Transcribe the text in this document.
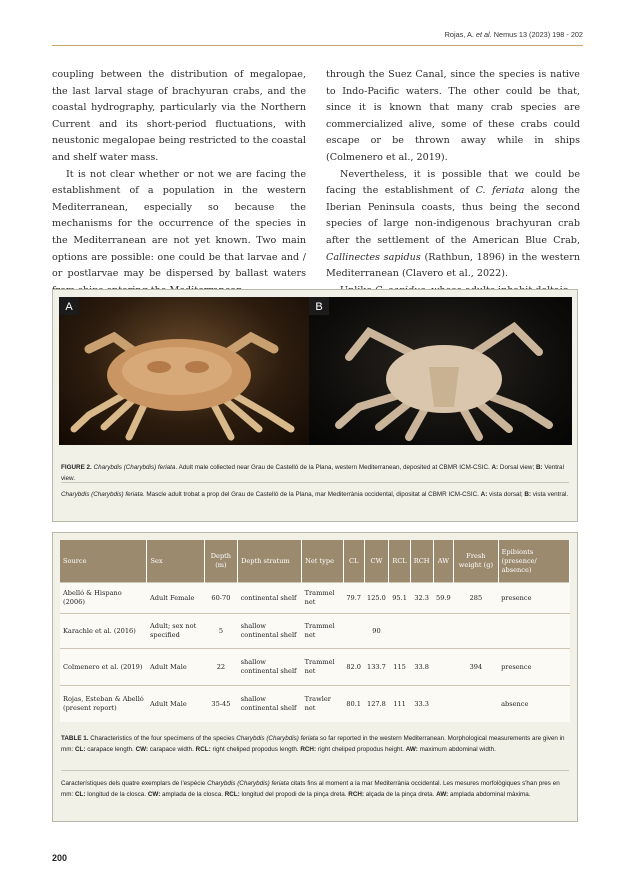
Rojas, A. et al. Nemus 13 (2023) 198 - 202

coupling between the distribution of megalopae, the last larval stage of brachyuran crabs, and the coastal hydrography, particularly via the Northern Current and its short-period fluctuations, with neustonic megalopae being restricted to the coastal and shelf water mass.

It is not clear whether or not we are facing the establishment of a population in the western Mediterranean, especially so because the mechanisms for the occurrence of the species in the Mediterranean are not yet known. Two main options are possible: one could be that larvae and / or postlarvae may be dispersed by ballast waters

through the Suez Canal, since the species is native to Indo-Pacific waters. The other could be that, since it is known that many crab species are commercialized alive, some of these crabs could escape or be thrown away while in ships (Colmenero et al., 2019).

Nevertheless, it is possible that we could be facing the establishment of C. feriata along the Iberian Peninsula coasts, thus being the second species of large non-indigenous brachyuran crab after the settlement of the American Blue Crab, Callinectes sapidus (Rathbun, 1896) in the western Mediterranean (Clavero et al., 2022).

A	B
FIGURE 2. Charybdis (Charybdis) feriata. Adult male collected near Grau de Castelló de la Plana, western Mediterranean, deposited at CBMR ICM-CSIC. A: Dorsal view; B: Ventral view.
Charybdis (Charybdis) feriata. Mascle adult trobat a prop del Grau de Castelló de la Plana, mar Mediterrània occidental, dipositat al CBMR ICM-CSIC. A: vista dorsal; B: vista ventral.
Source	Sex	Depth (m)	Depth stratum	Net type	CL	CW	RCL	RCH	AW	Fresh weight (g)	Epibionts (presence/ absence)
Abelló & Hispano (2006)	Adult Female	60-70	continental shelf	Trammel net	79.7	125.0	95.1	32.3	59.9	285	presence
Karachle et al. (2016)	Adult; sex not specified	5	shallow continental shelf	Trammel net		90					
Colmenero et al. (2019)	Adult Male	22	shallow continental shelf	Trammel net	82.0	133.7	115	33.8		394	presence
Rojas, Esteban & Abelló (present report)	Adult Male	35-45	shallow continental shelf	Trawler net	80.1	127.8	111	33.3			absence
TABLE 1. Characteristics of the four specimens of the species Charybdis (Charybdis) feriata so far reported in the western Mediterranean. Morphological measurements are given in mm: CL: carapace length. CW: carapace width. RCL: right cheliped propodus length. RCH: right cheliped propodus height. AW: maximum abdominal width.
Característiques dels quatre exemplars de l'espècie Charybdis (Charybdis) feriata citats fins al moment a la mar Mediterrània occidental. Les mesures morfològiques s'han pres en mm: CL: longitud de la closca. CW: amplada de la closca. RCL: longitud del propodi de la pinça dreta. RCH: alçada de la pinça dreta. AW: amplada abdominal màxima.
200
